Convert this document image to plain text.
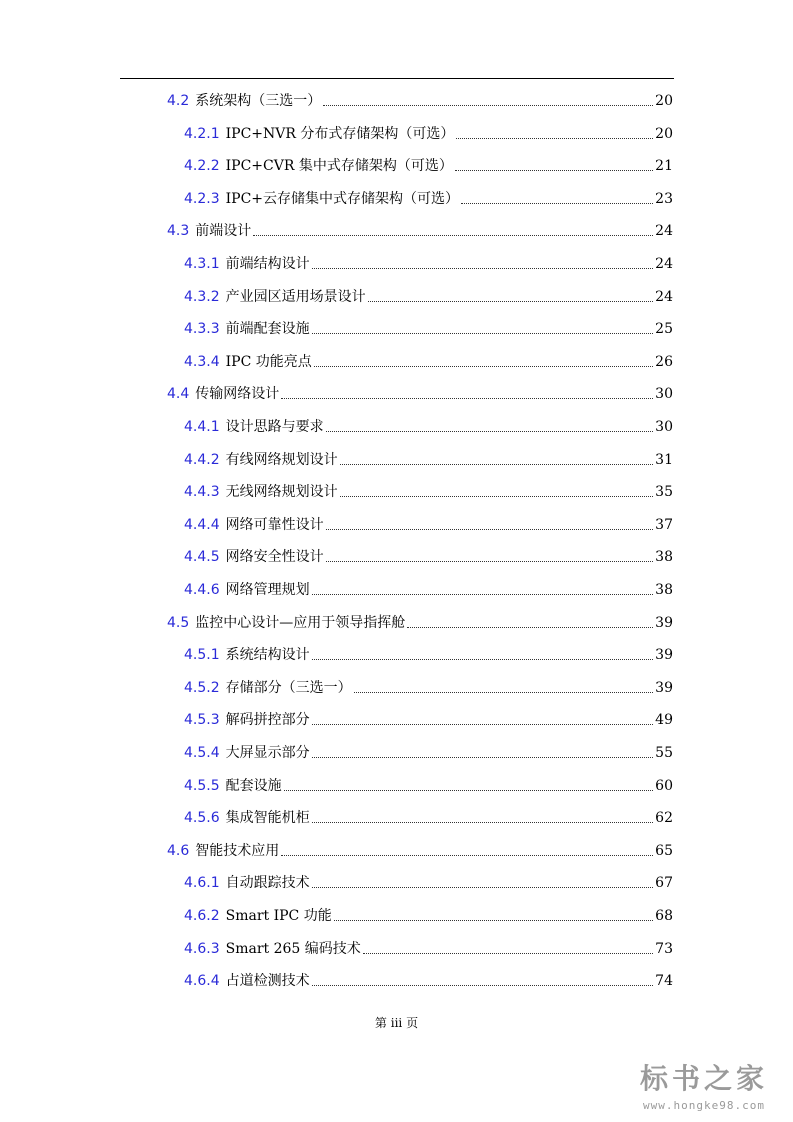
4.2 系统架构（三选一）	20
4.2.1 IPC+NVR 分布式存储架构（可选）	20
4.2.2 IPC+CVR 集中式存储架构（可选）	21
4.2.3 IPC+云存储集中式存储架构（可选）	23
4.3 前端设计	24
4.3.1 前端结构设计	24
4.3.2 产业园区适用场景设计	24
4.3.3 前端配套设施	25
4.3.4 IPC 功能亮点	26
4.4 传输网络设计	30
4.4.1 设计思路与要求	30
4.4.2 有线网络规划设计	31
4.4.3 无线网络规划设计	35
4.4.4 网络可靠性设计	37
4.4.5 网络安全性设计	38
4.4.6 网络管理规划	38
4.5 监控中心设计—应用于领导指挥舱	39
4.5.1 系统结构设计	39
4.5.2 存储部分（三选一）	39
4.5.3 解码拼控部分	49
4.5.4 大屏显示部分	55
4.5.5 配套设施	60
4.5.6 集成智能机柜	62
4.6 智能技术应用	65
4.6.1 自动跟踪技术	67
4.6.2 Smart IPC 功能	68
4.6.3 Smart 265 编码技术	73
4.6.4 占道检测技术	74
第 iii 页
标书之家
www.hongke98.com
